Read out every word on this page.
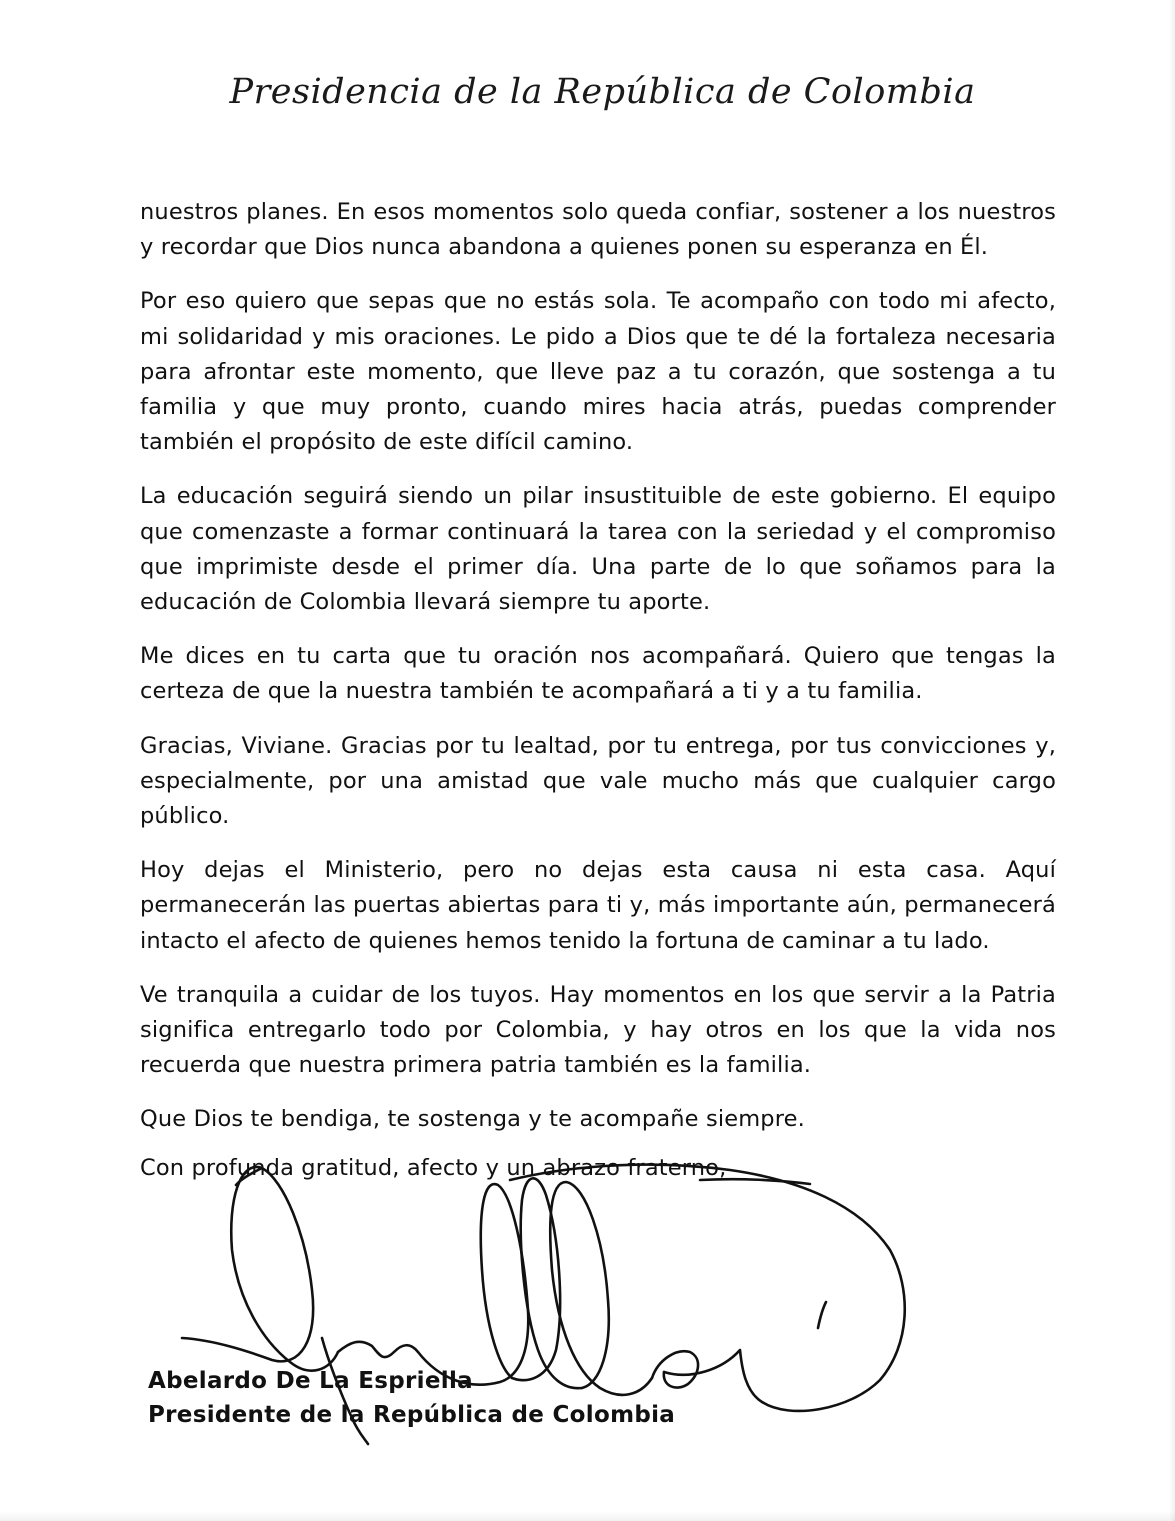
Presidencia de la República de Colombia

nuestros planes. En esos momentos solo queda confiar, sostener a los nuestros y recordar que Dios nunca abandona a quienes ponen su esperanza en Él.

Por eso quiero que sepas que no estás sola. Te acompaño con todo mi afecto, mi solidaridad y mis oraciones. Le pido a Dios que te dé la fortaleza necesaria para afrontar este momento, que lleve paz a tu corazón, que sostenga a tu familia y que muy pronto, cuando mires hacia atrás, puedas comprender también el propósito de este difícil camino.

La educación seguirá siendo un pilar insustituible de este gobierno. El equipo que comenzaste a formar continuará la tarea con la seriedad y el compromiso que imprimiste desde el primer día. Una parte de lo que soñamos para la educación de Colombia llevará siempre tu aporte.

Me dices en tu carta que tu oración nos acompañará. Quiero que tengas la certeza de que la nuestra también te acompañará a ti y a tu familia.

Gracias, Viviane. Gracias por tu lealtad, por tu entrega, por tus convicciones y, especialmente, por una amistad que vale mucho más que cualquier cargo público.

Hoy dejas el Ministerio, pero no dejas esta causa ni esta casa. Aquí permanecerán las puertas abiertas para ti y, más importante aún, permanecerá intacto el afecto de quienes hemos tenido la fortuna de caminar a tu lado.

Ve tranquila a cuidar de los tuyos. Hay momentos en los que servir a la Patria significa entregarlo todo por Colombia, y hay otros en los que la vida nos recuerda que nuestra primera patria también es la familia.

Que Dios te bendiga, te sostenga y te acompañe siempre.

Con profunda gratitud, afecto y un abrazo fraterno,

Abelardo De La Espriella
Presidente de la República de Colombia
